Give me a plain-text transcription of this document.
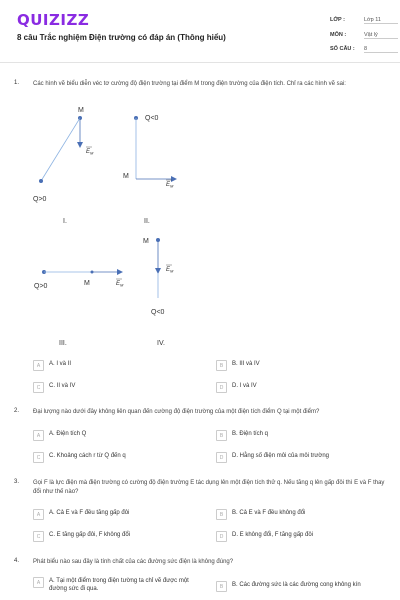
QUIZIZZ
8 câu Trắc nghiệm Điện trường có đáp án (Thông hiểu)
LỚP :	Lớp 11
MÔN :	Vật lý
SỐ CÂU : 8
1. Các hình vẽ biểu diễn véc tơ cường độ điện trường tại điểm M trong điện trường của điện tích. Chỉ ra các hình vẽ sai:
M
$E_M$
Q>0
Q<0
M
$E_M$
I.	II.
Q>0	M	$E_M$
M
$E_M$
Q<0
III.	IV.
A	A. I và II	B	B. III và IV
C	C. II và IV	D	D. I và IV
2. Đại lượng nào dưới đây không liên quan đến cường độ điện trường của một điện tích điểm Q tại một điểm?
A	A. Điện tích Q	B	B. Điện tích q
C	C. Khoảng cách r từ Q đến q	D	D. Hằng số điện môi của môi trường
3. Gọi F là lực điện mà điện trường có cường độ điện trường E tác dụng lên một điện tích thử q. Nếu tăng q lên gấp đôi thì E và F thay đổi như thế nào?
A	A. Cả E và F đều tăng gấp đôi	B	B. Cả E và F đều không đổi
C	C. E tăng gấp đôi, F không đổi	D	D. E không đổi, F tăng gấp đôi
4. Phát biểu nào sau đây là tính chất của các đường sức điện là không đúng?
A	A. Tại một điểm trong điện tường ta chỉ vẽ được một đường sức đi qua.	B	B. Các đường sức là các đường cong không kín
